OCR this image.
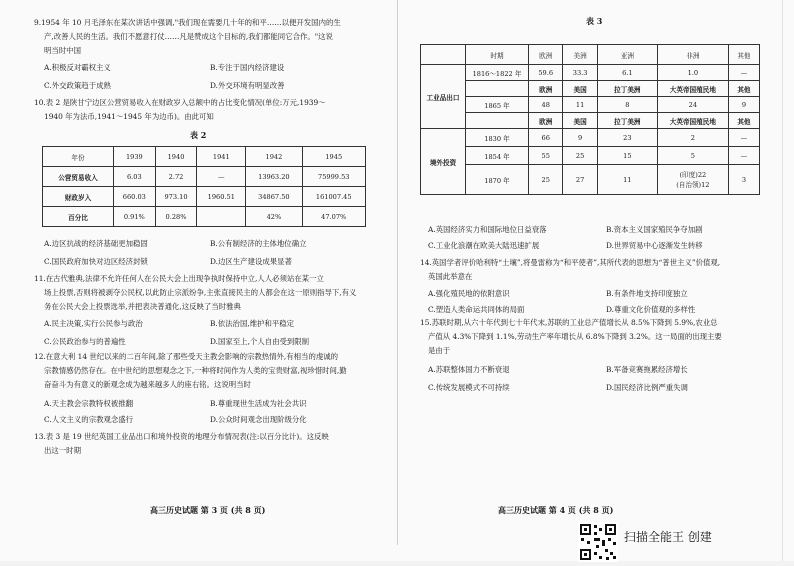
9.1954 年 10 月毛泽东在某次讲话中强调,"我们现在需要几十年的和平……以便开发国内的生
产,改善人民的生活。我们不愿意打仗……凡是赞成这个目标的,我们都能同它合作。"这说
明当时中国
A.积极反对霸权主义	B.专注于国内经济建设
C.外交政策趋于成熟	D.外交环境有明显改善
10.表 2 是陕甘宁边区公营贸易收入在财政岁入总额中的占比变化情况(单位:万元,1939～
1940 年为法币,1941～1945 年为边币)。由此可知
表 2
年份	1939	1940	1941	1942	1945
公营贸易收入	6.03	2.72	—	13963.20	75999.53
财政岁入	660.03	973.10	1960.51	34867.50	161007.45
百分比	0.91%	0.28%		42%	47.07%
A.边区抗战的经济基础更加稳固	B.公有制经济的主体地位确立
C.国民政府加快对边区经济封锁	D.边区生产建设成果显著
11.在古代雅典,法律不允许任何人在公民大会上出现争执时保持中立,人人必须站在某一立
场上投票,否则将被剥夺公民权,以此防止宗派纷争,主张直接民主的人都会在这一原则指导下,有义
务在公民大会上投票选举,并把表决普通化,这反映了当时雅典
A.民主决策,实行公民参与政治	B.依法治国,维护和平稳定
C.公民政治参与的普遍性	D.国家至上,个人自由受到限制
12.在意大利 14 世纪以来的二百年间,除了那些受天主教会影响的宗教热情外,有相当的虔诚的
宗教情感仍然存在。在中世纪的思想观念之下,一种将时间作为人类的宝贵财富,视珍惜时间,勤
奋奋斗为有意义的新观念成为越来越多人的座右铭。这说明当时
A.天主教会宗教特权被推翻	B.尊重现世生活成为社会共识
C.人文主义的宗教观念盛行	D.公众时间观念出现阶级分化
13.表 3 是 19 世纪英国工业品出口和境外投资的地理分布情况表(注:以百分比计)。这反映
出这一时期
高三历史试题 第 3 页 (共 8 页)
表 3
	时期	欧洲	美洲	亚洲	非洲	其他
工业品出口	1816～1822 年	59.6	33.3	6.1	1.0	—
		欧洲	美国	拉丁美洲	大英帝国殖民地	其他
	1865 年	48	11	8	24	9
		欧洲	美国	拉丁美洲	大英帝国殖民地	其他
境外投资	1830 年	66	9	23	2	—
	1854 年	55	25	15	5	—
	1870 年	25	27	11	(印度)22
(自治领)12	3
A.英国经济实力和国际地位日益衰落	B.资本主义国家殖民争夺加剧
C.工业化浪潮在欧美大陆迅速扩展	D.世界贸易中心逐渐发生转移
14.英国学者评价哈利特“土壤”,将曼雷称为“和平使者”,其所代表的思想为“普世主义”价值观,
英国此举意在
A.强化殖民地的依附意识	B.有条件地支持印度独立
C.塑造人类命运共同体的局面	D.尊重文化价值观的多样性
15.苏联时期,从六十年代到七十年代末,苏联的工业总产值增长从 8.5%下降到 5.9%,农业总
产值从 4.3%下降到 1.1%,劳动生产率年增长从 6.8%下降到 3.2%。这一局面的出现主要
是由于
A.苏联整体国力不断衰退	B.军备竞赛拖累经济增长
C.传统发展模式不可持续	D.国民经济比例严重失调
高三历史试题 第 4 页 (共 8 页)
扫描全能王 创建
